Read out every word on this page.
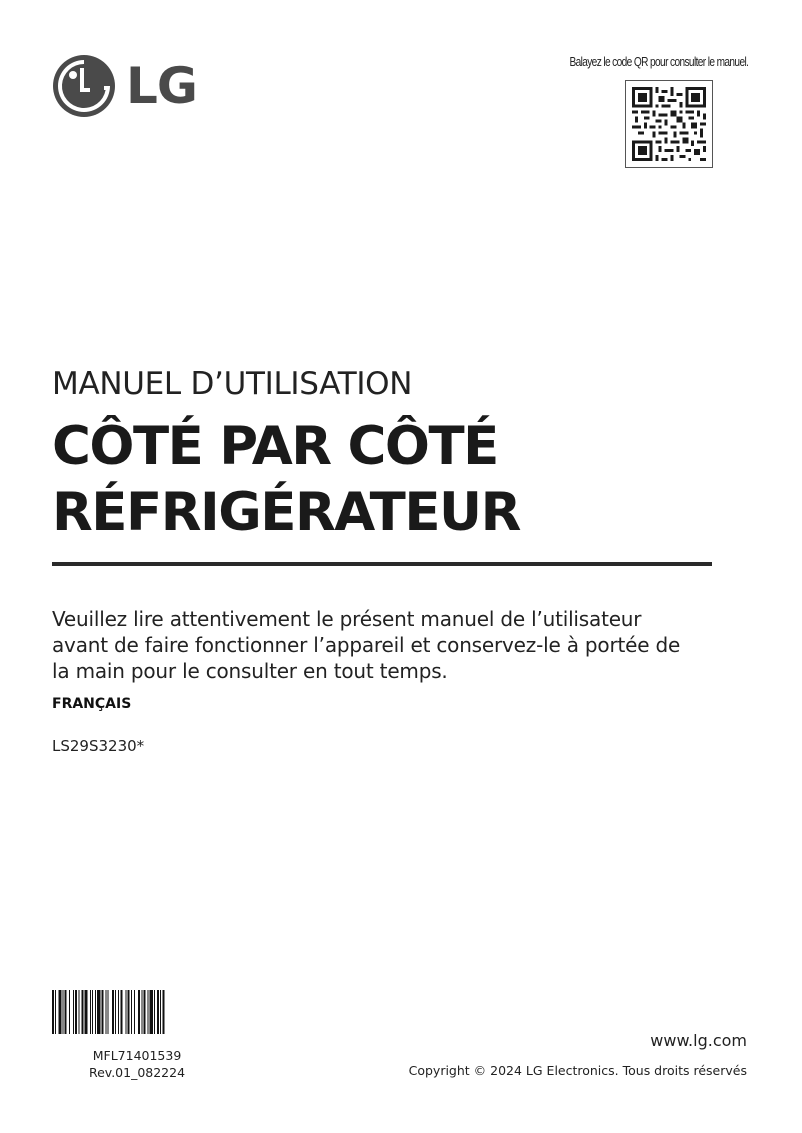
LG	Balayez le code QR pour consulter le manuel.
MANUEL D’UTILISATION
CÔTÉ PAR CÔTÉ
RÉFRIGÉRATEUR
Veuillez lire attentivement le présent manuel de l’utilisateur
avant de faire fonctionner l’appareil et conservez-le à portée de
la main pour le consulter en tout temps.
FRANÇAIS
LS29S3230*
MFL71401539
Rev.01_082224
www.lg.com
Copyright © 2024 LG Electronics. Tous droits réservés
